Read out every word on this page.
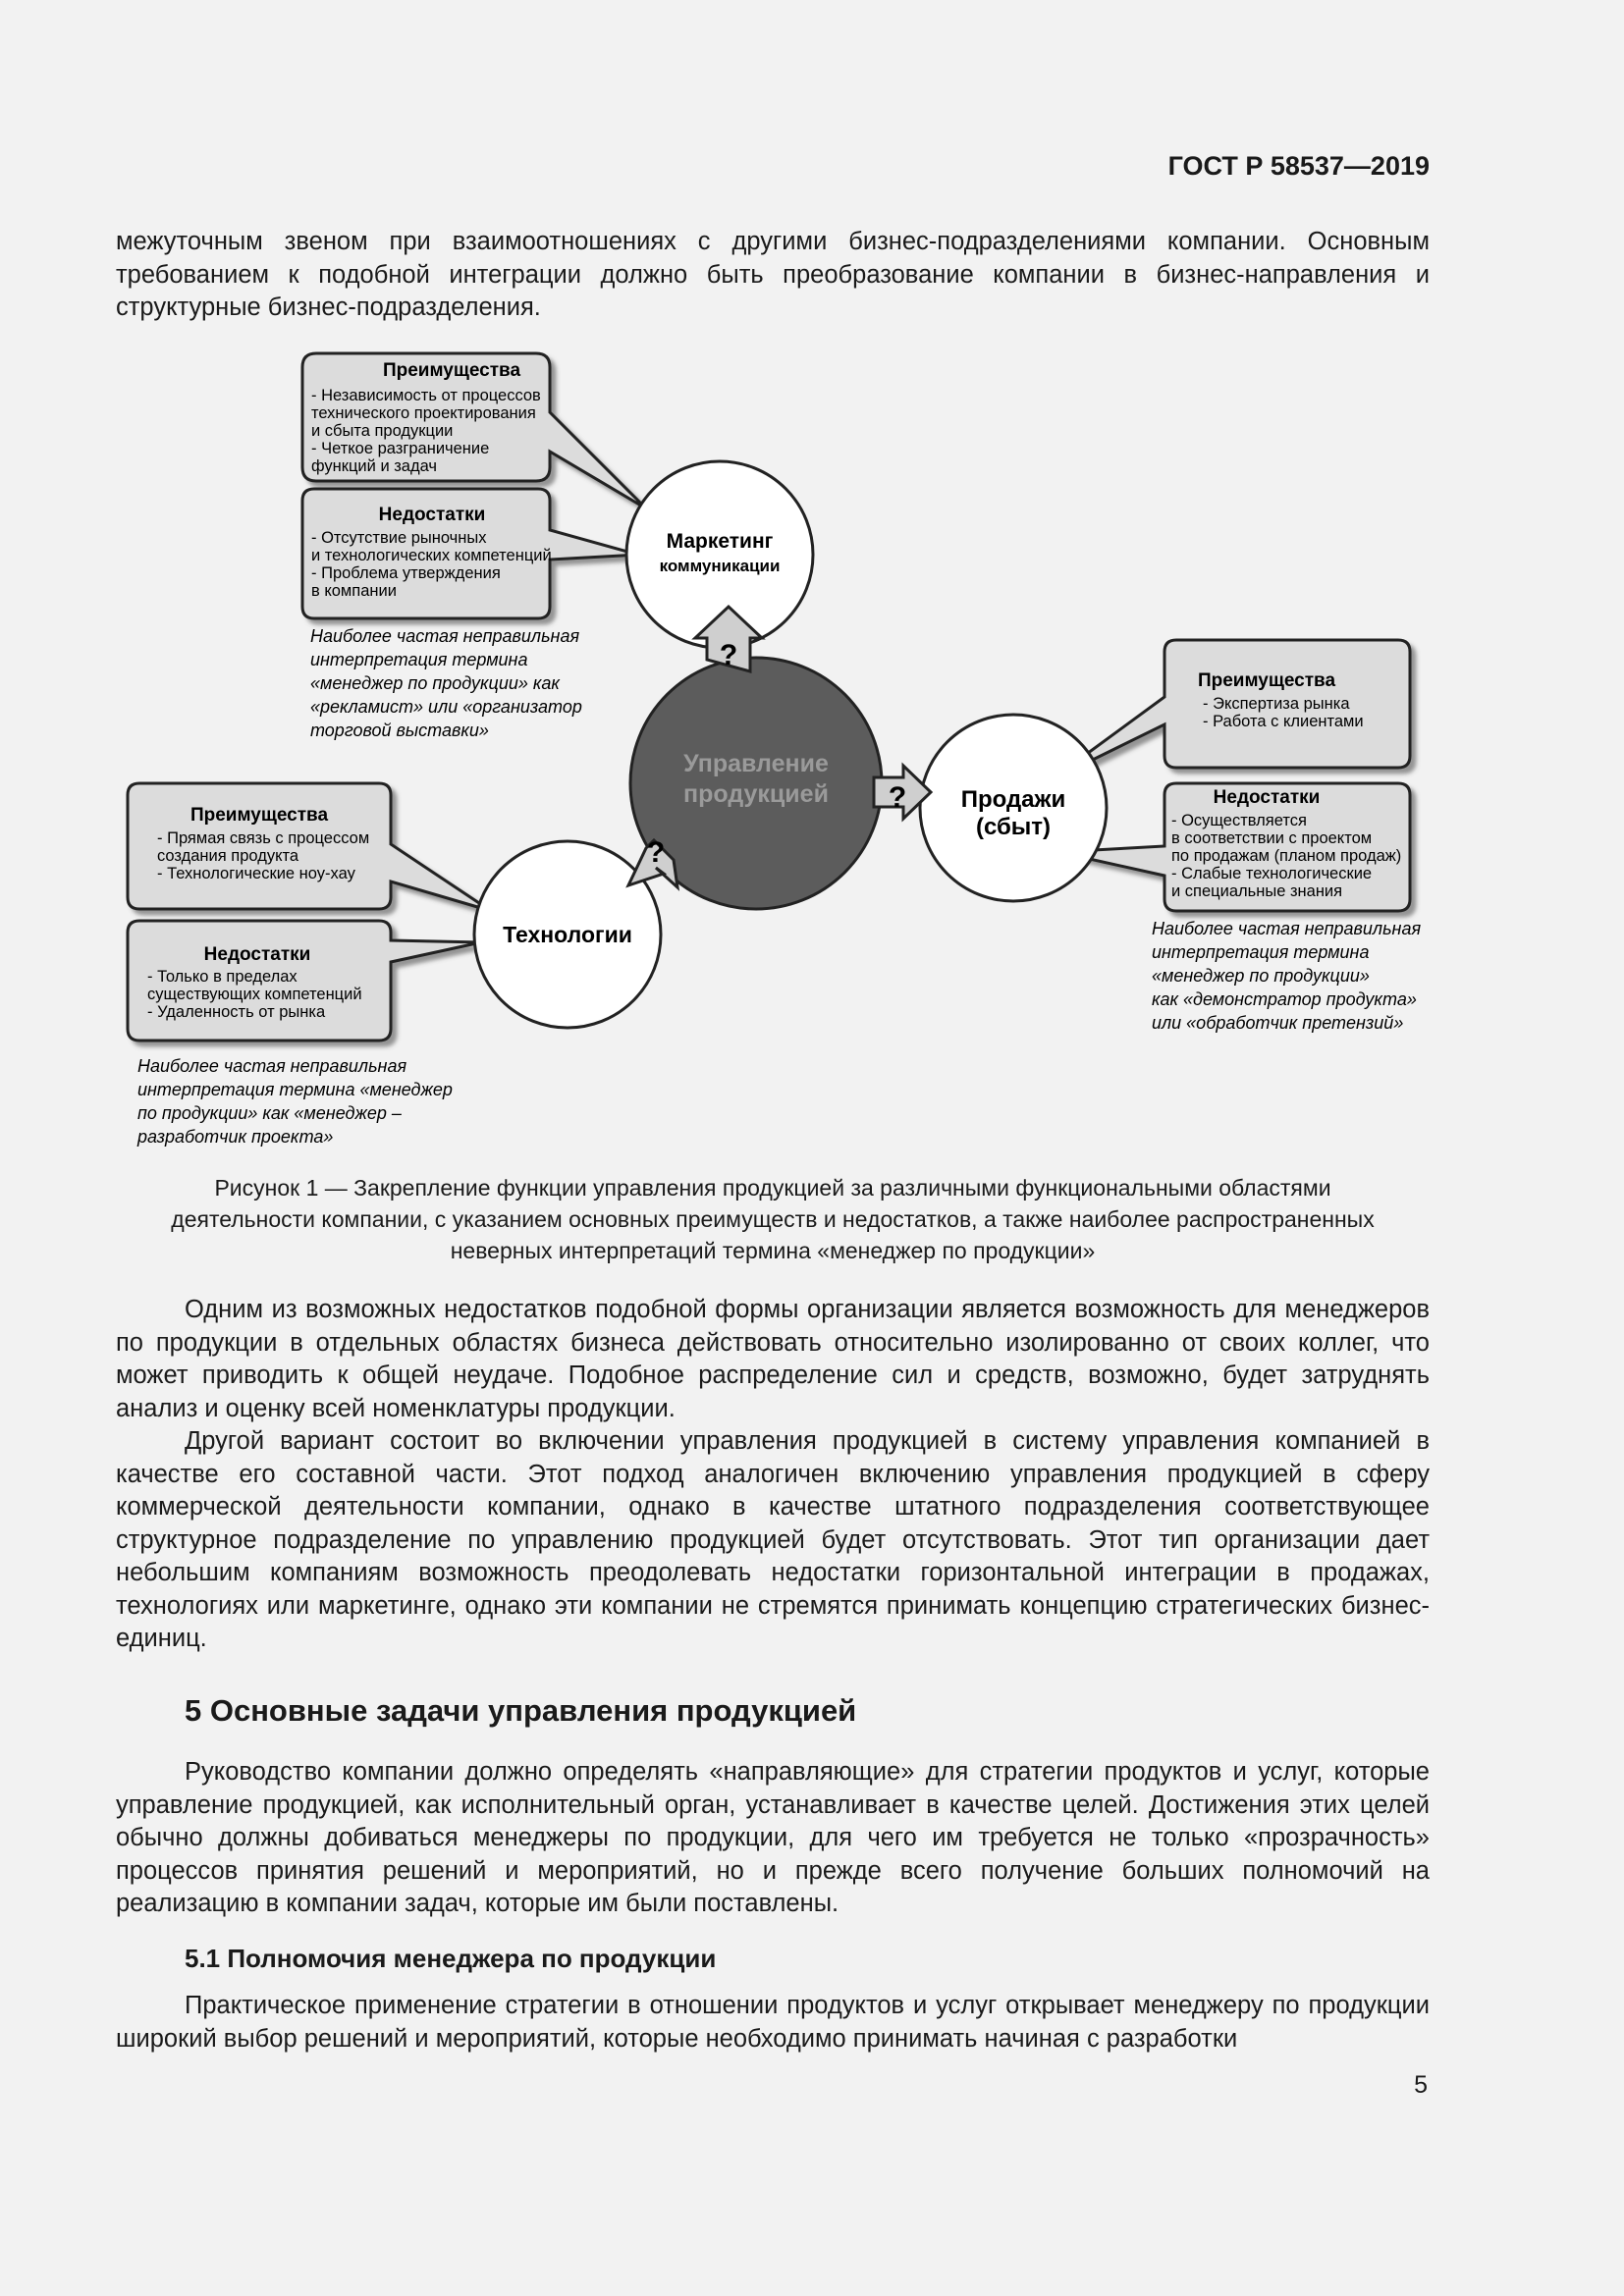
ГОСТ Р 58537—2019

межуточным звеном при взаимоотношениях с другими бизнес-подразделениями компании. Основным требованием к подобной интеграции должно быть преобразование компании в бизнес-направления и структурные бизнес-подразделения.

Преимущества
- Независимость от процессов
технического проектирования
и сбыта продукции
- Четкое разграничение
функций и задач
Недостатки
- Отсутствие рыночных
и технологических компетенций
- Проблема утверждения
в компании
Наиболее частая неправильная
интерпретация термина
«менеджер по продукции» как
«рекламист» или «организатор
торговой выставки»
Преимущества
- Экспертиза рынка
- Работа с клиентами
Недостатки
- Осуществляется
в соответствии с проектом
по продажам (планом продаж)
- Слабые технологические
и специальные знания
Наиболее частая неправильная
интерпретация термина
«менеджер по продукции»
как «демонстратор продукта»
или «обработчик претензий»
Преимущества
- Прямая связь с процессом
создания продукта
- Технологические ноу-хау
Недостатки
- Только в пределах
существующих компетенций
- Удаленность от рынка
Наиболее частая неправильная
интерпретация термина «менеджер
по продукции» как «менеджер –
разработчик проекта»
Маркетинг
коммуникации
Продажи
(сбыт)
Технологии
Управление
продукцией
?
?
?
Рисунок 1 — Закрепление функции управления продукцией за различными функциональными областями
деятельности компании, с указанием основных преимуществ и недостатков, а также наиболее распространенных
неверных интерпретаций термина «менеджер по продукции»

Одним из возможных недостатков подобной формы организации является возможность для менеджеров по продукции в отдельных областях бизнеса действовать относительно изолированно от своих коллег, что может приводить к общей неудаче. Подобное распределение сил и средств, возможно, будет затруднять анализ и оценку всей номенклатуры продукции.

Другой вариант состоит во включении управления продукцией в систему управления компанией в качестве его составной части. Этот подход аналогичен включению управления продукцией в сферу коммерческой деятельности компании, однако в качестве штатного подразделения соответствующее структурное подразделение по управлению продукцией будет отсутствовать. Этот тип организации дает небольшим компаниям возможность преодолевать недостатки горизонтальной интеграции в продажах, технологиях или маркетинге, однако эти компании не стремятся принимать концепцию стратегических бизнес-единиц.

5 Основные задачи управления продукцией

Руководство компании должно определять «направляющие» для стратегии продуктов и услуг, которые управление продукцией, как исполнительный орган, устанавливает в качестве целей. Достижения этих целей обычно должны добиваться менеджеры по продукции, для чего им требуется не только «прозрачность» процессов принятия решений и мероприятий, но и прежде всего получение больших полномочий на реализацию в компании задач, которые им были поставлены.

5.1 Полномочия менеджера по продукции

Практическое применение стратегии в отношении продуктов и услуг открывает менеджеру по продукции широкий выбор решений и мероприятий, которые необходимо принимать начиная с разработки

5
